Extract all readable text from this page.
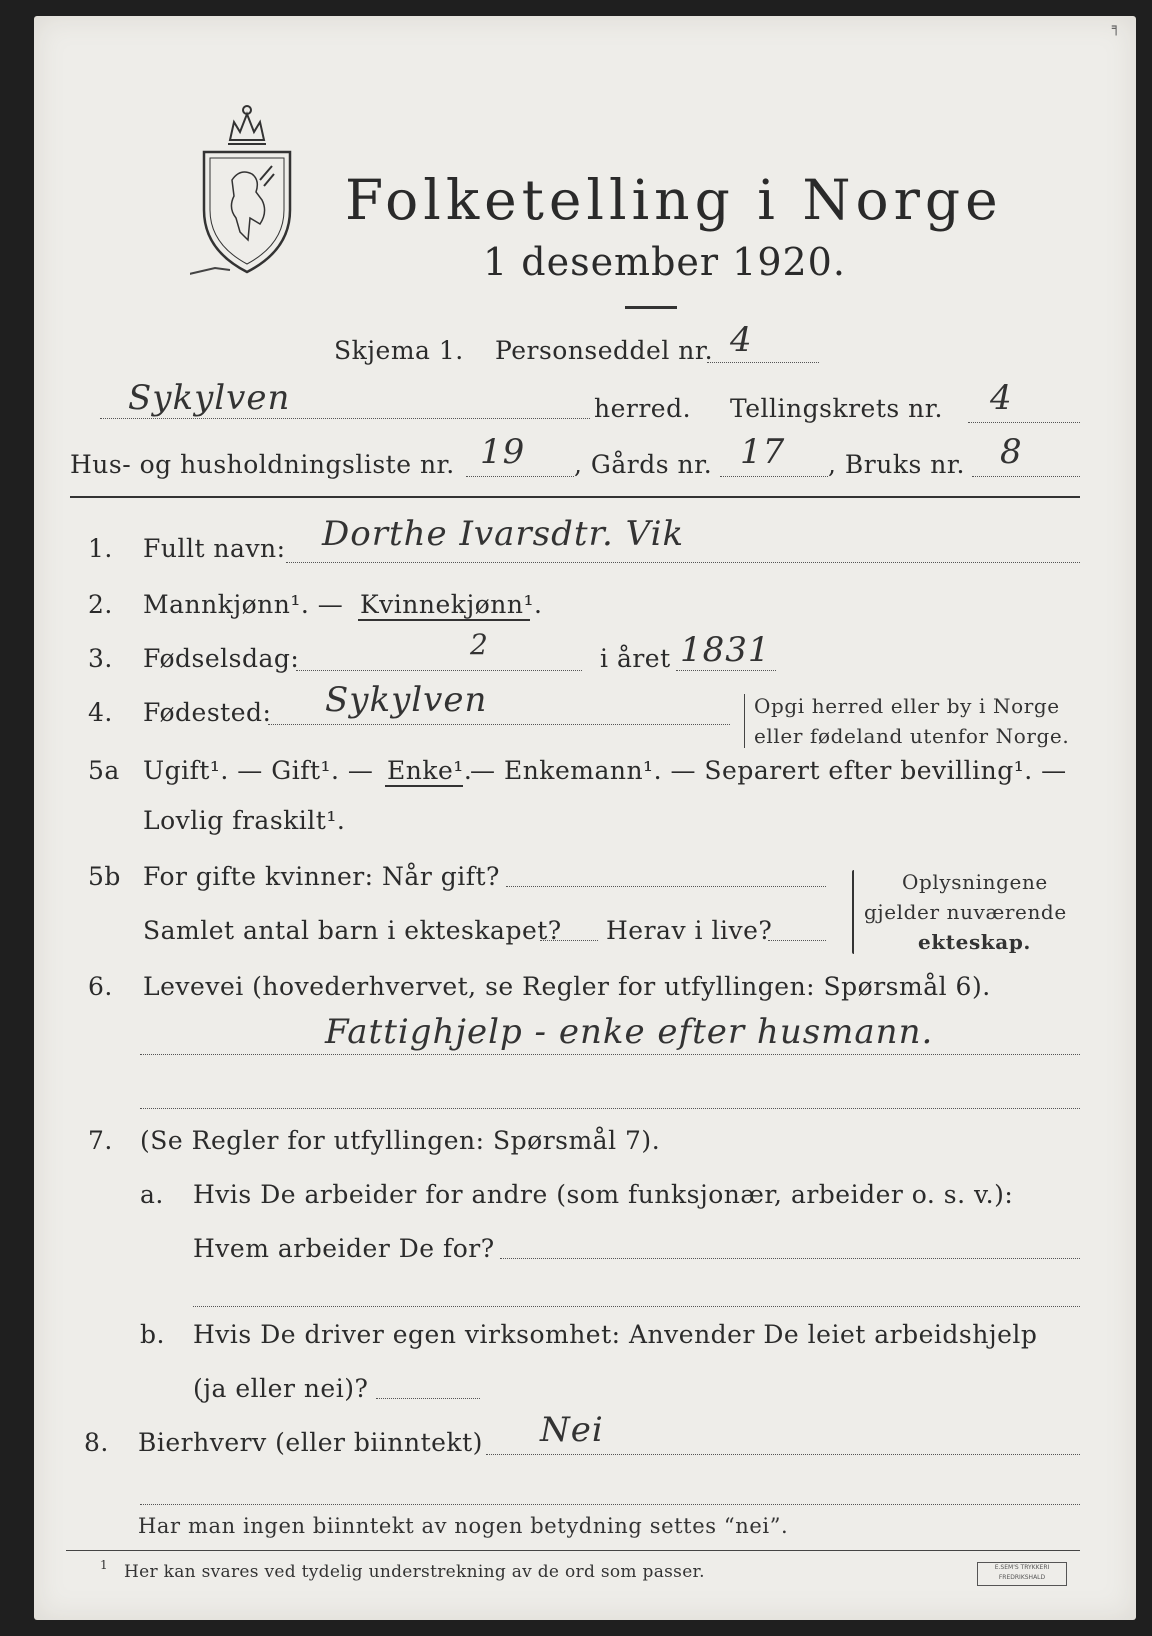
╕
Folketelling i Norge
1 desember 1920.
Skjema 1. Personseddel nr. 4
Sykylven	herred. Tellingskrets nr. 4
Hus- og husholdningsliste nr. 19 , Gårds nr. 17 , Bruks nr. 8
1. Fullt navn: Dorthe Ivarsdtr. Vik
2. Mannkjønn¹. — Kvinnekjønn¹.
3. Fødselsdag:	2	i året 1831
4. Fødested: Sykylven	Opgi herred eller by i Norge
eller fødeland utenfor Norge.
5a Ugift¹. — Gift¹. — Enke¹.
— Enkemann¹. — Separert efter bevilling¹. —
Lovlig fraskilt¹.
5b For gifte kvinner: Når gift?
Samlet antal barn i ekteskapet? Herav i live?
Oplysningene
gjelder nuværende
ekteskap.
6. Levevei (hovederhvervet, se Regler for utfyllingen: Spørsmål 6).
Fattighjelp - enke efter husmann.
7. (Se Regler for utfyllingen: Spørsmål 7).
a. Hvis De arbeider for andre (som funksjonær, arbeider o. s. v.):
Hvem arbeider De for?
b. Hvis De driver egen virksomhet: Anvender De leiet arbeidshjelp
(ja eller nei)?
8. Bierhverv (eller biinntekt) Nei
Har man ingen biinntekt av nogen betydning settes “nei”.
1 Her kan svares ved tydelig understrekning av de ord som passer.	E.SEM'S TRYKKERI
FREDRIKSHALD
